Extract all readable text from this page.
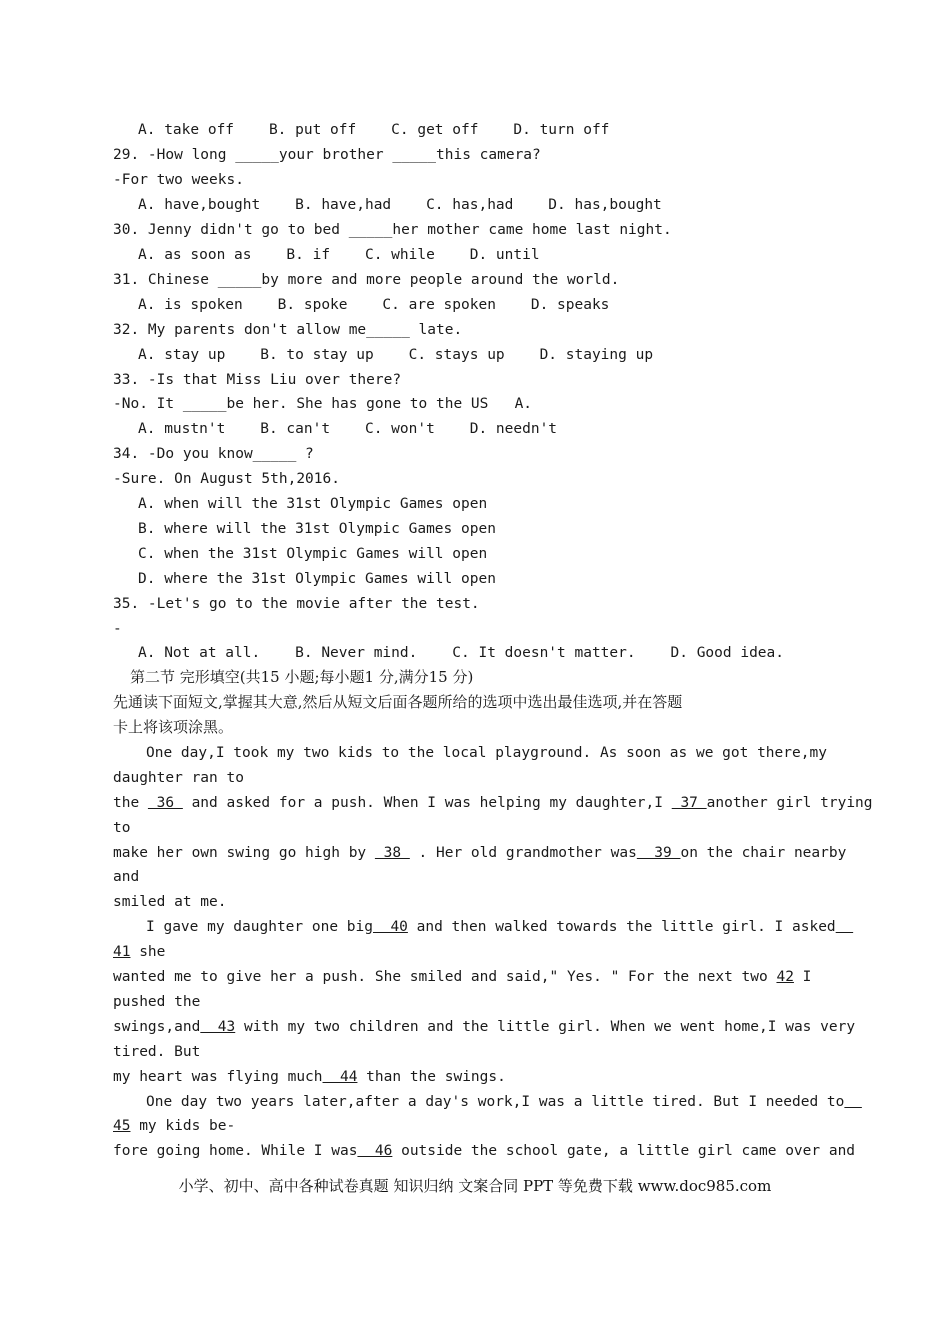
A. take off    B. put off    C. get off    D. turn off
29. -How long _____your brother _____this camera?
-For two weeks.
A. have,bought    B. have,had    C. has,had    D. has,bought
30. Jenny didn't go to bed _____her mother came home last night.
A. as soon as    B. if    C. while    D. until
31. Chinese _____by more and more people around the world.
A. is spoken    B. spoke    C. are spoken    D. speaks
32. My parents don't allow me_____ late.
A. stay up    B. to stay up    C. stays up    D. staying up
33. -Is that Miss Liu over there?
-No. It _____be her. She has gone to the US   A.
A. mustn't    B. can't    C. won't    D. needn't
34. -Do you know_____ ?
-Sure. On August 5th,2016.
A. when will the 31st Olympic Games open
B. where will the 31st Olympic Games open
C. when the 31st Olympic Games will open
D. where the 31st Olympic Games will open
35. -Let's go to the movie after the test.
-
A. Not at all.    B. Never mind.    C. It doesn't matter.    D. Good idea.
第二节 完形填空(共15 小题;每小题1 分,满分15 分)
先通读下面短文,掌握其大意,然后从短文后面各题所给的选项中选出最佳选项,并在答题
卡上将该项涂黑。
One day,I took my two kids to the local playground. As soon as we got there,my
daughter ran to
the  36  and asked for a push. When I was helping my daughter,I  37 another girl trying
to
make her own swing go high by  38  . Her old grandmother was  39 on the chair nearby
and
smiled at me.
I gave my daughter one big  40 and then walked towards the little girl. I asked
41 she
wanted me to give her a push. She smiled and said," Yes. " For the next two 42 I
pushed the
swings,and  43 with my two children and the little girl. When we went home,I was very
tired. But
my heart was flying much  44 than the swings.
One day two years later,after a day's work,I was a little tired. But I needed to
45 my kids be-
fore going home. While I was  46 outside the school gate, a little girl came over and
小学、初中、高中各种试卷真题 知识归纳 文案合同 PPT 等免费下载 www.doc985.com
